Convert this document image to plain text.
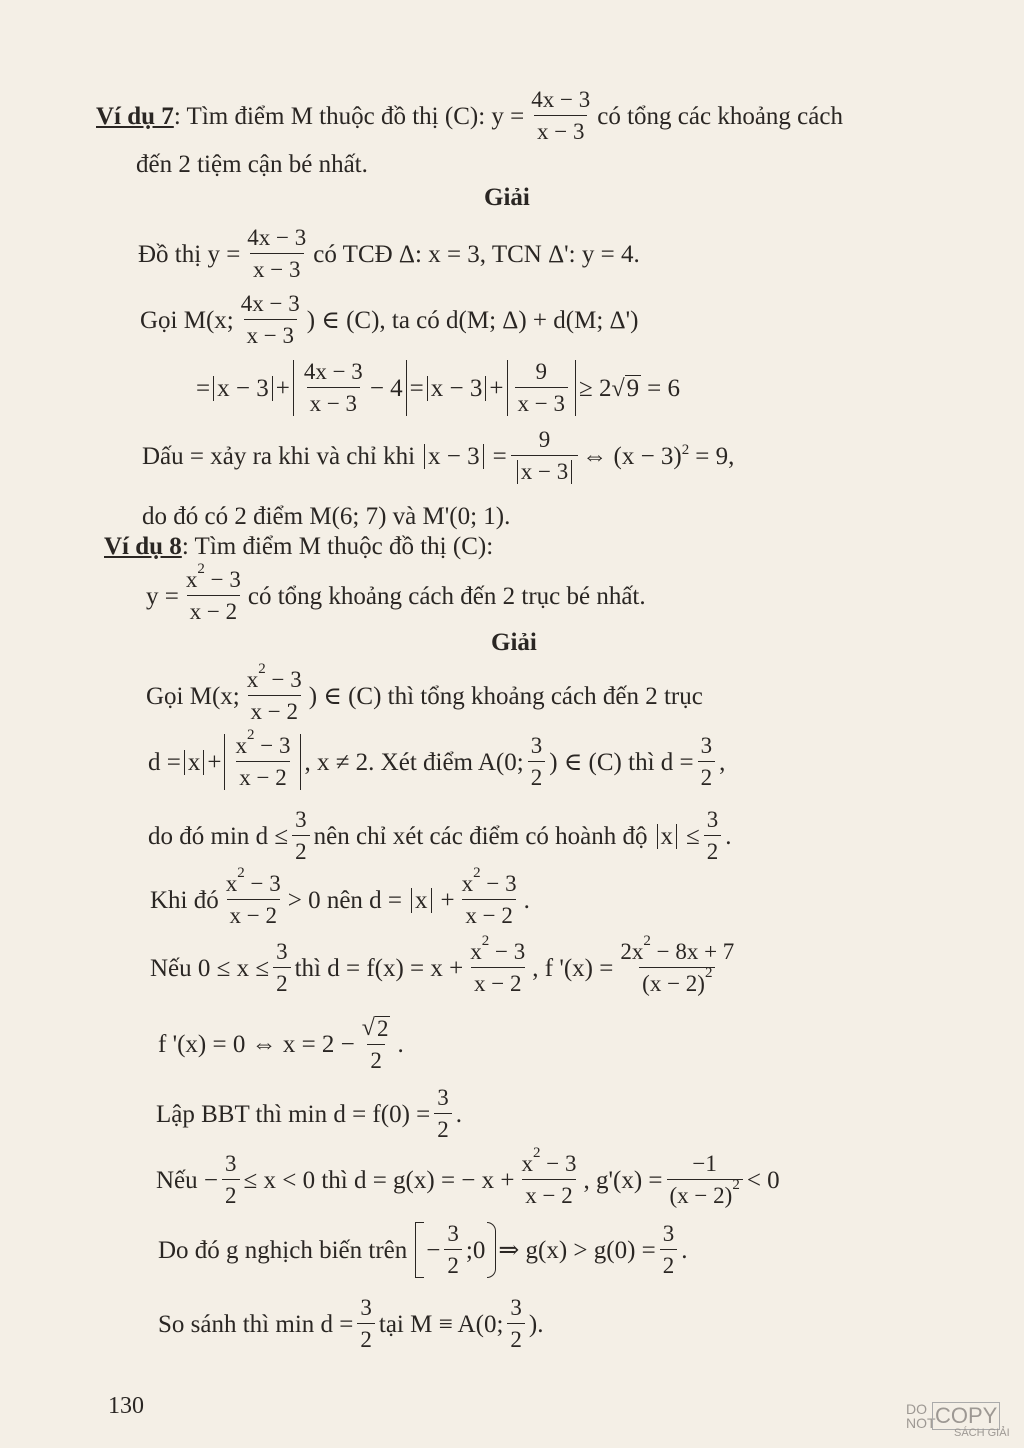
Ví dụ 7 : Tìm điểm M thuộc đồ thị (C): $y = \frac{4x - 3}{x - 3}$ có tổng các khoảng cách
đến 2 tiệm cận bé nhất.
Giải
Đồ thị $y = \frac{4x - 3}{x - 3}$ có TCĐ Δ: x = 3, TCN Δ': y = 4.
Gọi M(x; $\frac{4x - 3}{x - 3}$ ) ∈ (C), ta có d(M; Δ) + d(M; Δ')
= $x - 3 + \frac{4x - 3}{x - 3} - 4 = x - 3 + \frac{9}{x - 3} \ge 2$ √ 9 = 6
Dấu = xảy ra khi và chỉ khi $x - 3 = \frac{9}{x - 3}$ ⇔ $(x - 3)^2 = 9$,
do đó có 2 điểm M(6; 7) và M'(0; 1).
Ví dụ 8 : Tìm điểm M thuộc đồ thị (C):
$y = \frac{x^2 - 3}{x - 2}$ có tổng khoảng cách đến 2 trục bé nhất.
Giải
Gọi M(x; $\frac{x^2 - 3}{x - 2}$ ) ∈ (C) thì tổng khoảng cách đến 2 trục
$d = x + \frac{x^2 - 3}{x - 2}$ , x ≠ 2. Xét điểm A(0; $\frac{3}{2}$ ) ∈ (C) thì $d = \frac{3}{2}$ ,
do đó $\min d \le \frac{3}{2}$ nên chỉ xét các điểm có hoành độ $x \le \frac{3}{2}$ .
Khi đó $\frac{x^2 - 3}{x - 2} > 0$ nên $d = x + \frac{x^2 - 3}{x - 2}$ .
Nếu $0 \le x \le \frac{3}{2}$ thì $d = f(x) = x + \frac{x^2 - 3}{x - 2}$ , f '$(x) = \frac{2x^2 - 8x + 7}{(x - 2)^2}$
f '(x) = 0 ⇔ $x = 2 - \frac{√ 2}{2}$ .
Lập BBT thì $\min d = f(0) = \frac{3}{2}$ .
Nếu − $\frac{3}{2} \le x < 0$ thì d = g(x) = − $x + \frac{x^2 - 3}{x - 2}$ , $g'(x) = \frac{-1}{(x - 2)^2} < 0$
Do đó g nghịch biến trên − $\frac{3}{2}$ ;0 ⇒ $g(x) > g(0) = \frac{3}{2}$ .
So sánh thì $\min d = \frac{3}{2}$ tại M ≡ A(0; $\frac{3}{2}$ ).
130	DO
NOT COPY
SÁCH GIẢI
